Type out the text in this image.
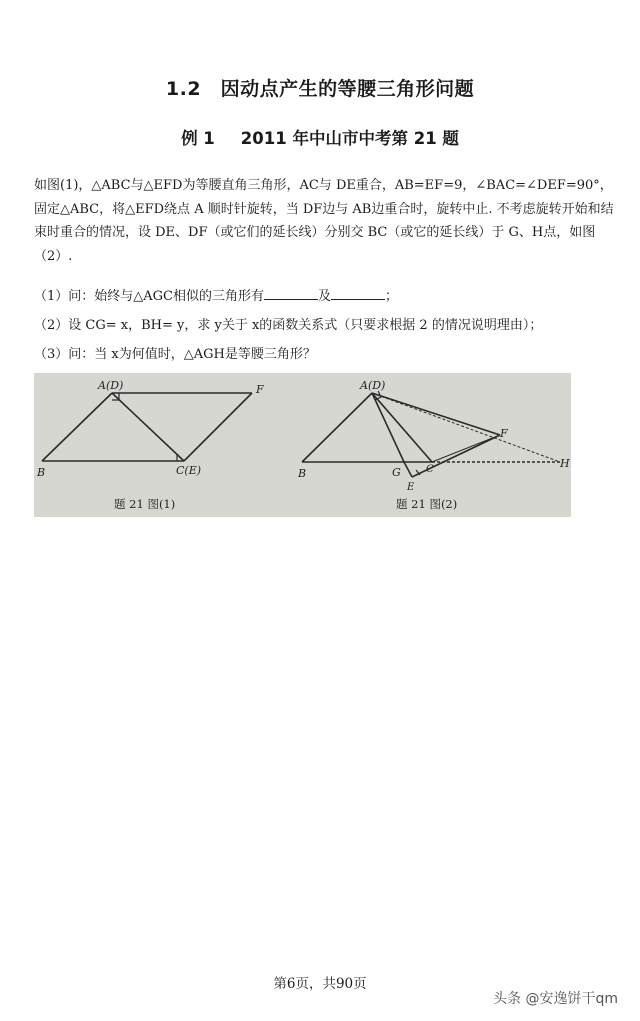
1.2　因动点产生的等腰三角形问题
例 1 2011 年中山市中考第 21 题
如图(1)，△ABC与△EFD为等腰直角三角形，AC与 DE重合，AB=EF=9，∠BAC=∠DEF=90°，固定△ABC，将△EFD绕点 A 顺时针旋转，当 DF边与 AB边重合时，旋转中止. 不考虑旋转开始和结束时重合的情况，设 DE、DF（或它们的延长线）分别交 BC（或它的延长线）于 G、H点，如图（2）.
（1）问：始终与△AGC相似的三角形有	及	；
（2）设 CG= x，BH= y，求 y关于 x的函数关系式（只要求根据 2 的情况说明理由）；
（3）问：当 x为何值时，△AGH是等腰三角形？
A(D)
B	C(E)
F
题 21 图(1)
A(D)
B	G	C
E
F
H
题 21 图(2)
第6页，共90页
头条 @安逸饼干qm
